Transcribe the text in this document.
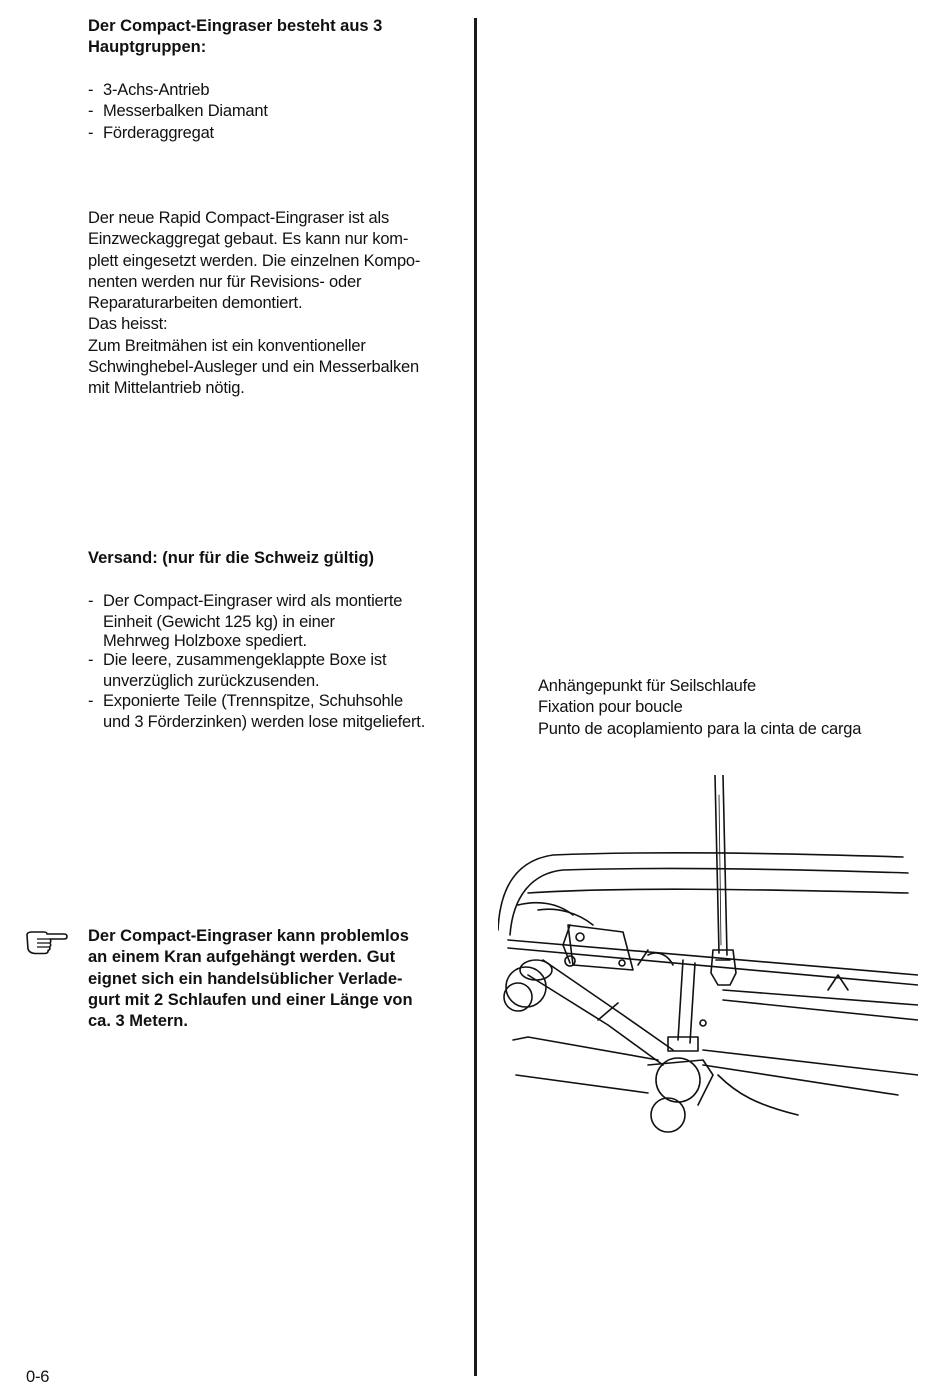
Der Compact-Eingraser besteht aus 3
Hauptgruppen:
- 3-Achs-Antrieb
- Messerbalken Diamant
- Förderaggregat
Der neue Rapid Compact-Eingraser ist als
Einzweckaggregat gebaut. Es kann nur kom-
plett eingesetzt werden. Die einzelnen Kompo-
nenten werden nur für Revisions- oder
Reparaturarbeiten demontiert.
Das heisst:
Zum Breitmähen ist ein konventioneller
Schwinghebel-Ausleger und ein Messerbalken
mit Mittelantrieb nötig.
Versand: (nur für die Schweiz gültig)
- Der Compact-Eingraser wird als montierte
Einheit (Gewicht 125 kg) in einer
Mehrweg Holzboxe spediert.
- Die leere, zusammengeklappte Boxe ist
unverzüglich zurückzusenden.
- Exponierte Teile (Trennspitze, Schuhsohle
und 3 Förderzinken) werden lose mitgeliefert.
Der Compact-Eingraser kann problemlos
an einem Kran aufgehängt werden. Gut
eignet sich ein handelsüblicher Verlade-
gurt mit 2 Schlaufen und einer Länge von
ca. 3 Metern.
Anhängepunkt für Seilschlaufe
Fixation pour boucle
Punto de acoplamiento para la cinta de carga
0-6
